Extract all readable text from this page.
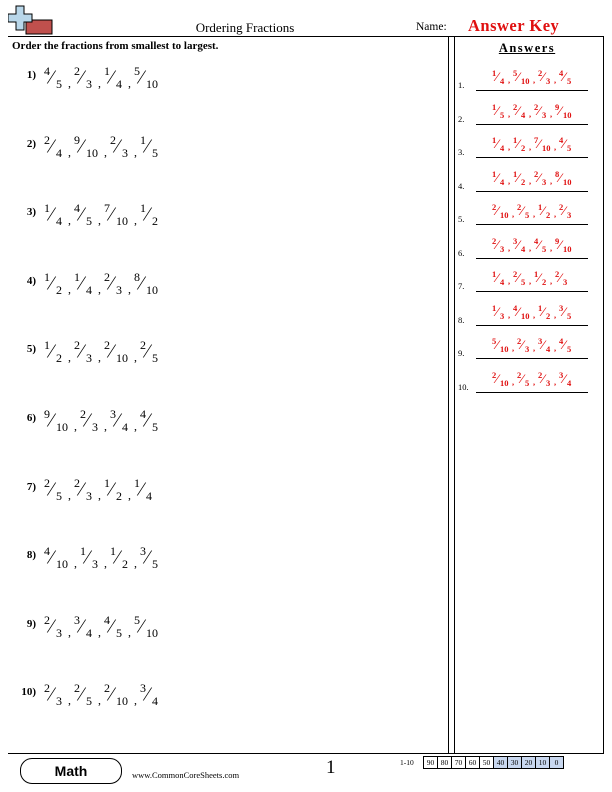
Ordering Fractions	Name: Answer Key
Order the fractions from smallest to largest.
1) 4 ⁄ 5 ,
2 ⁄ 3 ,
1 ⁄ 4 ,
5 ⁄ 10
2) 2 ⁄ 4 ,
9 ⁄ 10 ,
2 ⁄ 3 ,
1 ⁄ 5
3) 1 ⁄ 4 ,
4 ⁄ 5 ,
7 ⁄ 10 ,
1 ⁄ 2
4) 1 ⁄ 2 ,
1 ⁄ 4 ,
2 ⁄ 3 ,
8 ⁄ 10
5) 1 ⁄ 2 ,
2 ⁄ 3 ,
2 ⁄ 10 ,
2 ⁄ 5
6) 9 ⁄ 10 ,
2 ⁄ 3 ,
3 ⁄ 4 ,
4 ⁄ 5
7) 2 ⁄ 5 ,
2 ⁄ 3 ,
1 ⁄ 2 ,
1 ⁄ 4
8) 4 ⁄ 10 ,
1 ⁄ 3 ,
1 ⁄ 2 ,
3 ⁄ 5
9) 2 ⁄ 3 ,
3 ⁄ 4 ,
4 ⁄ 5 ,
5 ⁄ 10
10) 2 ⁄ 3 ,
2 ⁄ 5 ,
2 ⁄ 10 ,
3 ⁄ 4
Answers
1.
1 ⁄ 4 ,
5 ⁄ 10 ,
2 ⁄ 3 ,
4 ⁄ 5
2.
1 ⁄ 5 ,
2 ⁄ 4 ,
2 ⁄ 3 ,
9 ⁄ 10
3.
1 ⁄ 4 ,
1 ⁄ 2 ,
7 ⁄ 10 ,
4 ⁄ 5
4.
1 ⁄ 4 ,
1 ⁄ 2 ,
2 ⁄ 3 ,
8 ⁄ 10
5.
2 ⁄ 10 ,
2 ⁄ 5 ,
1 ⁄ 2 ,
2 ⁄ 3
6.
2 ⁄ 3 ,
3 ⁄ 4 ,
4 ⁄ 5 ,
9 ⁄ 10
7.
1 ⁄ 4 ,
2 ⁄ 5 ,
1 ⁄ 2 ,
2 ⁄ 3
8.
1 ⁄ 3 ,
4 ⁄ 10 ,
1 ⁄ 2 ,
3 ⁄ 5
9.
5 ⁄ 10 ,
2 ⁄ 3 ,
3 ⁄ 4 ,
4 ⁄ 5
10.
2 ⁄ 10 ,
2 ⁄ 5 ,
2 ⁄ 3 ,
3 ⁄ 4
Math	www.CommonCoreSheets.com	1	1-10 90	80	70	60	50	40	30	20	10	0
